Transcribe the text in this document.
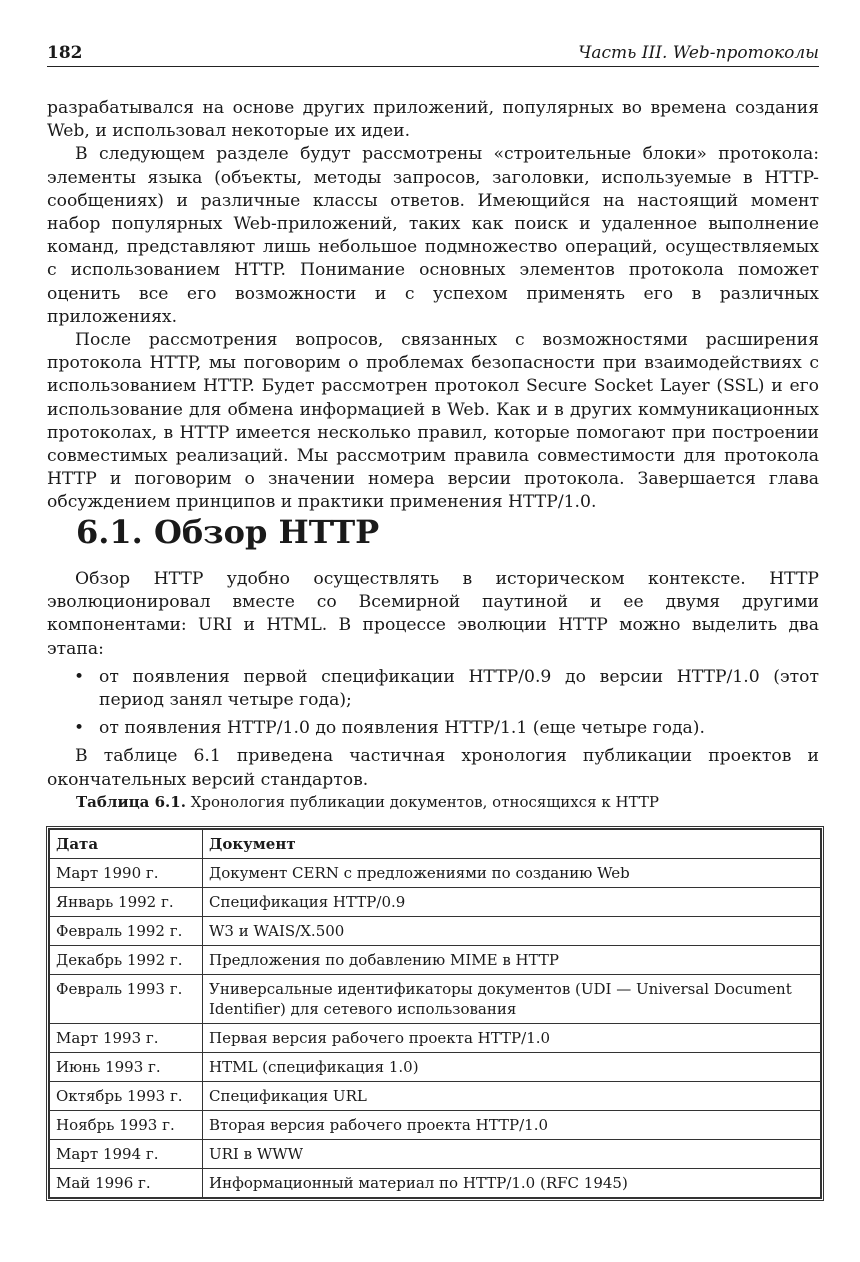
182	Часть III. Web-протоколы

разрабатывался на основе других приложений, популярных во времена создания Web, и использовал некоторые их идеи.

В следующем разделе будут рассмотрены «строительные блоки» протокола: элементы языка (объекты, методы запросов, заголовки, используемые в HTTP-сообщениях) и различные классы ответов. Имеющийся на настоящий момент набор популярных Web-приложений, таких как поиск и удаленное выполнение команд, представляют лишь небольшое подмножество операций, осуществляемых с использованием HTTP. Понимание основных элементов протокола поможет оценить все его возможности и с успехом применять его в различных приложениях.

После рассмотрения вопросов, связанных с возможностями расширения протокола HTTP, мы поговорим о проблемах безопасности при взаимодействиях с использованием HTTP. Будет рассмотрен протокол Secure Socket Layer (SSL) и его использование для обмена информацией в Web. Как и в других коммуникационных протоколах, в HTTP имеется несколько правил, которые помогают при построении совместимых реализаций. Мы рассмотрим правила совместимости для протокола HTTP и поговорим о значении номера версии протокола. Завершается глава обсуждением принципов и практики применения HTTP/1.0.

6.1. Обзор HTTP

Обзор HTTP удобно осуществлять в историческом контексте. HTTP эволюционировал вместе со Всемирной паутиной и ее двумя другими компонентами: URI и HTML. В процессе эволюции HTTP можно выделить два этапа:

• от появления первой спецификации HTTP/0.9 до версии HTTP/1.0 (этот период занял четыре года);
• от появления HTTP/1.0 до появления HTTP/1.1 (еще четыре года).

В таблице 6.1 приведена частичная хронология публикации проектов и окончательных версий стандартов.

Таблица 6.1. Хронология публикации документов, относящихся к HTTP
Дата	Документ
Март 1990 г.	Документ CERN с предложениями по созданию Web
Январь 1992 г.	Спецификация HTTP/0.9
Февраль 1992 г.	W3 и WAIS/X.500
Декабрь 1992 г.	Предложения по добавлению MIME в HTTP
Февраль 1993 г.	Универсальные идентификаторы документов (UDI — Universal Document Identifier) для сетевого использования
Март 1993 г.	Первая версия рабочего проекта HTTP/1.0
Июнь 1993 г.	HTML (спецификация 1.0)
Октябрь 1993 г.	Спецификация URL
Ноябрь 1993 г.	Вторая версия рабочего проекта HTTP/1.0
Март 1994 г.	URI в WWW
Май 1996 г.	Информационный материал по HTTP/1.0 (RFC 1945)
